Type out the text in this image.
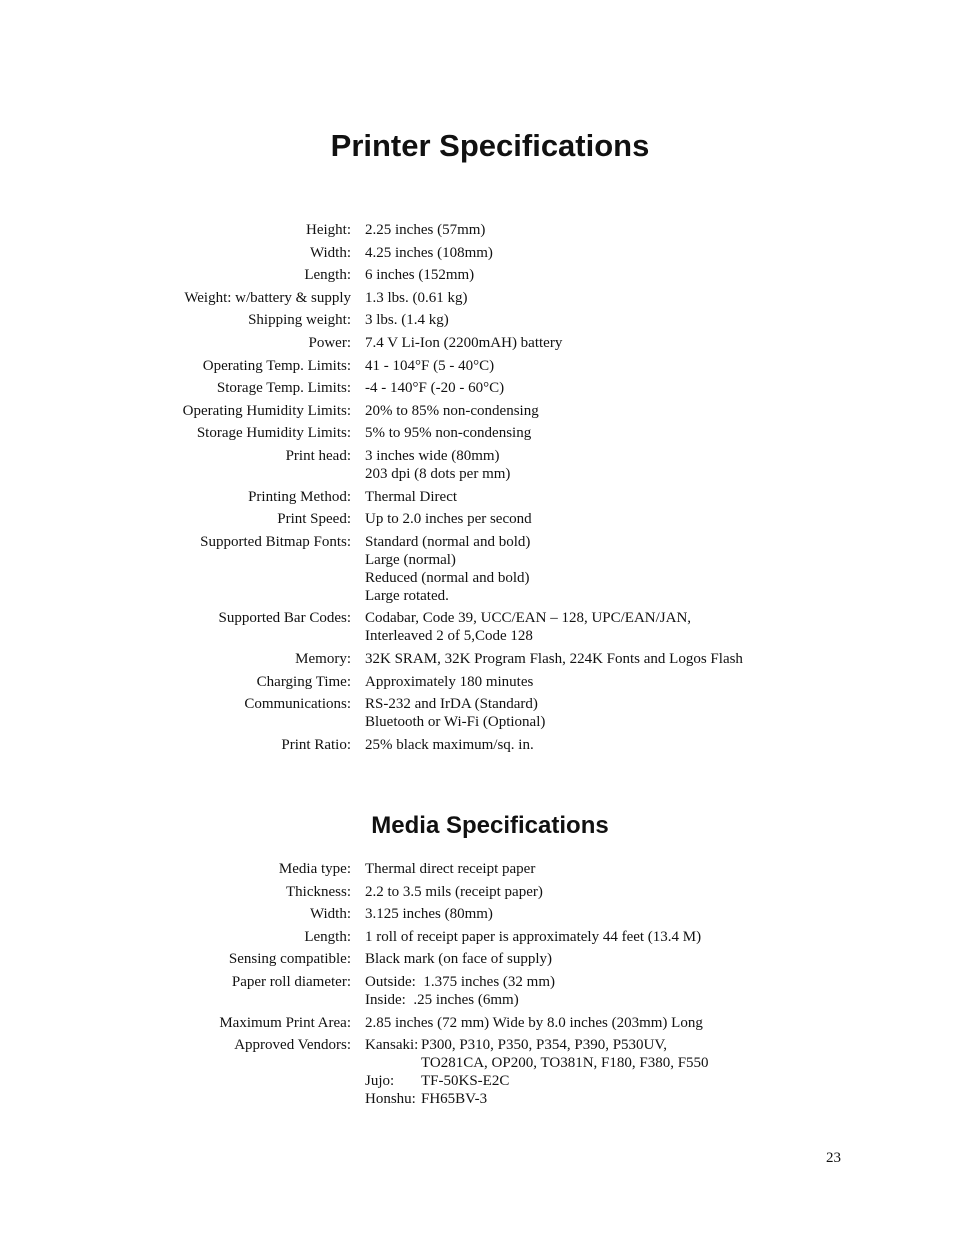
Printer Specifications
Height: 2.25 inches (57mm)
Width: 4.25 inches (108mm)
Length: 6 inches (152mm)
Weight: w/battery & supply 1.3 lbs. (0.61 kg)
Shipping weight: 3 lbs. (1.4 kg)
Power: 7.4 V Li-Ion (2200mAH) battery
Operating Temp. Limits: 41 - 104°F (5 - 40°C)
Storage Temp. Limits: -4 - 140°F (-20 - 60°C)
Operating Humidity Limits: 20% to 85% non-condensing
Storage Humidity Limits: 5% to 95% non-condensing
Print head: 3 inches wide (80mm)
203 dpi (8 dots per mm)
Printing Method: Thermal Direct
Print Speed: Up to 2.0 inches per second
Supported Bitmap Fonts: Standard (normal and bold)
Large (normal)
Reduced (normal and bold)
Large rotated.
Supported Bar Codes: Codabar, Code 39, UCC/EAN – 128, UPC/EAN/JAN,
Interleaved 2 of 5,Code 128
Memory: 32K SRAM, 32K Program Flash, 224K Fonts and Logos Flash
Charging Time: Approximately 180 minutes
Communications: RS-232 and IrDA (Standard)
Bluetooth or Wi-Fi (Optional)
Print Ratio: 25% black maximum/sq. in.
Media Specifications
Media type: Thermal direct receipt paper
Thickness: 2.2 to 3.5 mils (receipt paper)
Width: 3.125 inches (80mm)
Length: 1 roll of receipt paper is approximately 44 feet (13.4 M)
Sensing compatible: Black mark (on face of supply)
Paper roll diameter: Outside:  1.375 inches (32 mm)
Inside:  .25 inches (6mm)
Maximum Print Area: 2.85 inches (72 mm) Wide by 8.0 inches (203mm) Long
Approved Vendors: Kansaki: P300, P310, P350, P354, P390, P530UV,
TO281CA, OP200, TO381N, F180, F380, F550
Jujo:	TF-50KS-E2C
Honshu: FH65BV-3
23
